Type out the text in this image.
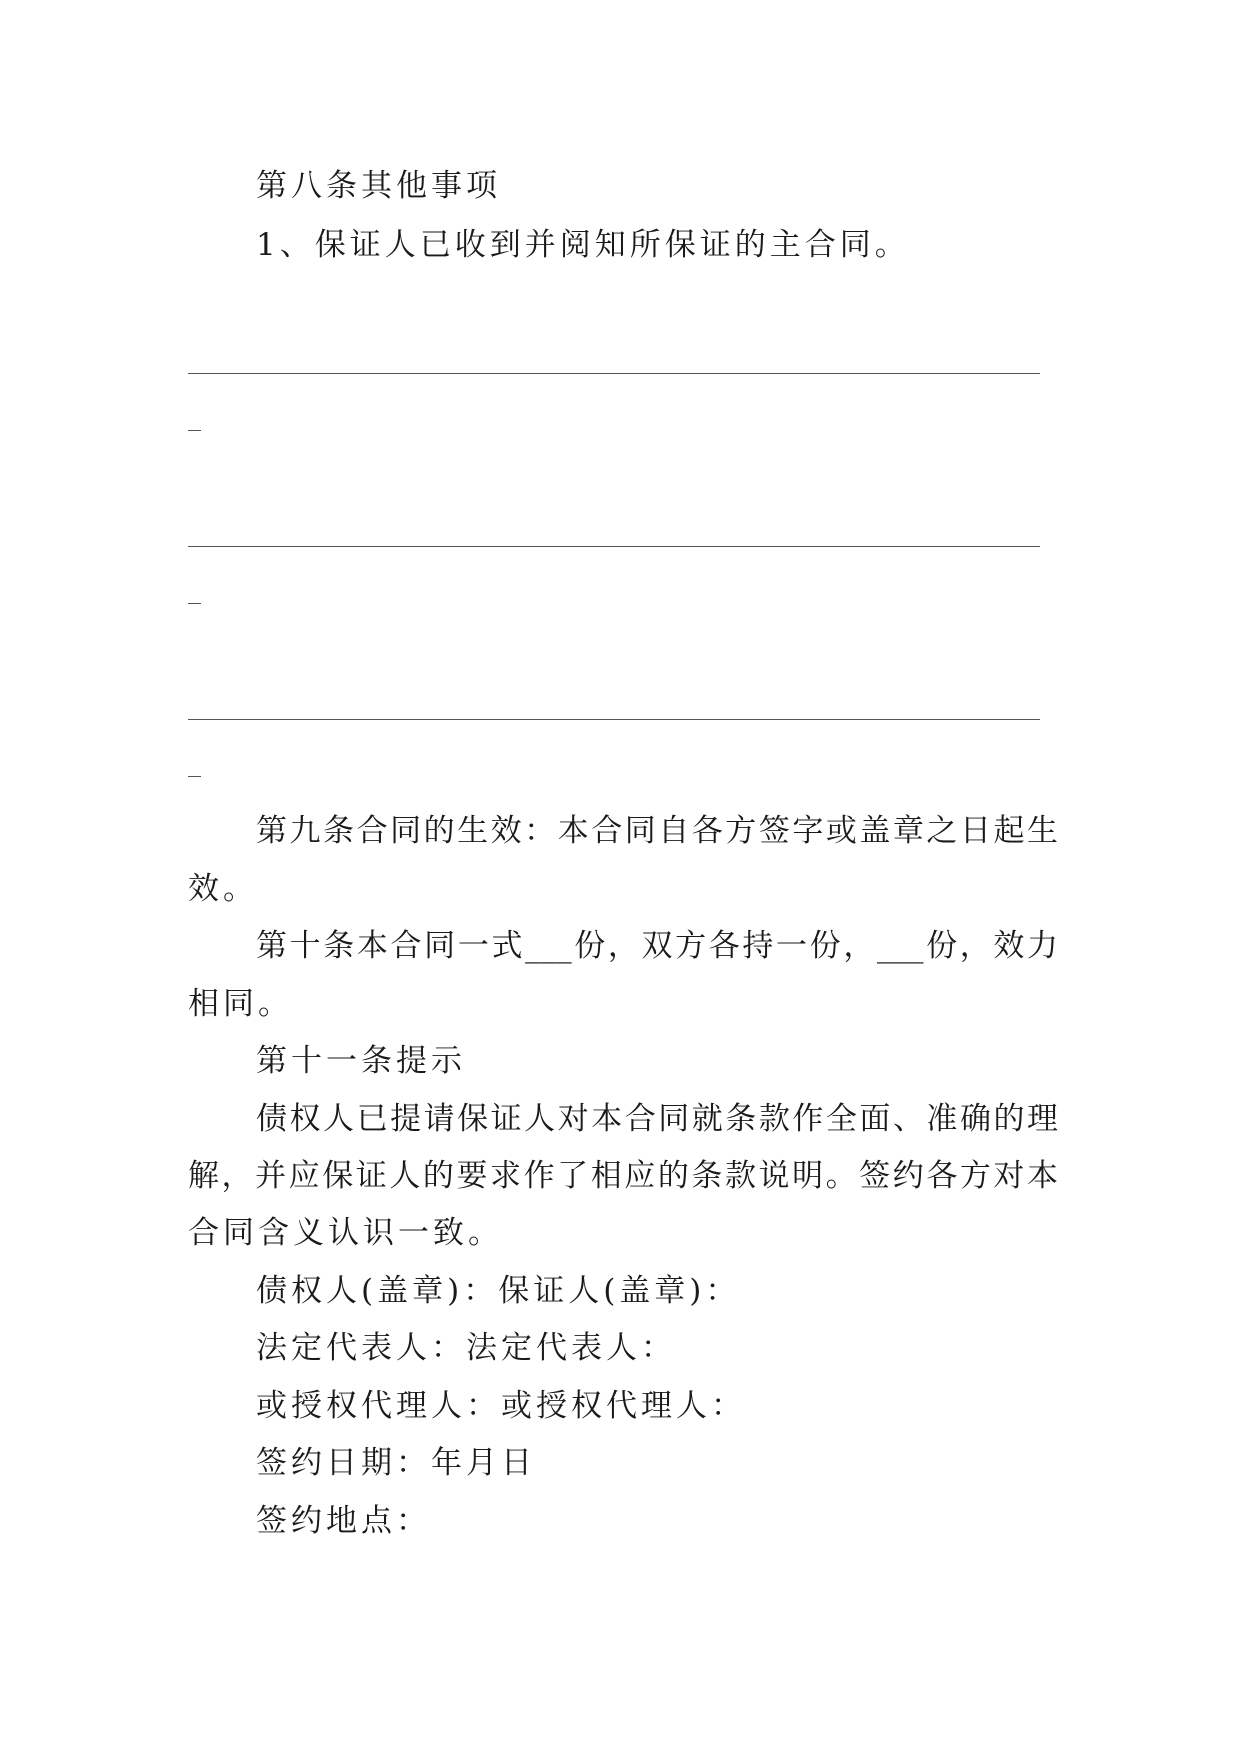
第八条其他事项
1、保证人已收到并阅知所保证的主合同。
第九条合同的生效：本合同自各方签字或盖章之日起生
效。
第十条本合同一式___份，双方各持一份，___份，效力
相同。
第十一条提示
债权人已提请保证人对本合同就条款作全面、准确的理
解，并应保证人的要求作了相应的条款说明。签约各方对本
合同含义认识一致。
债权人(盖章)：保证人(盖章)：
法定代表人：法定代表人：
或授权代理人：或授权代理人：
签约日期：年月日
签约地点：
